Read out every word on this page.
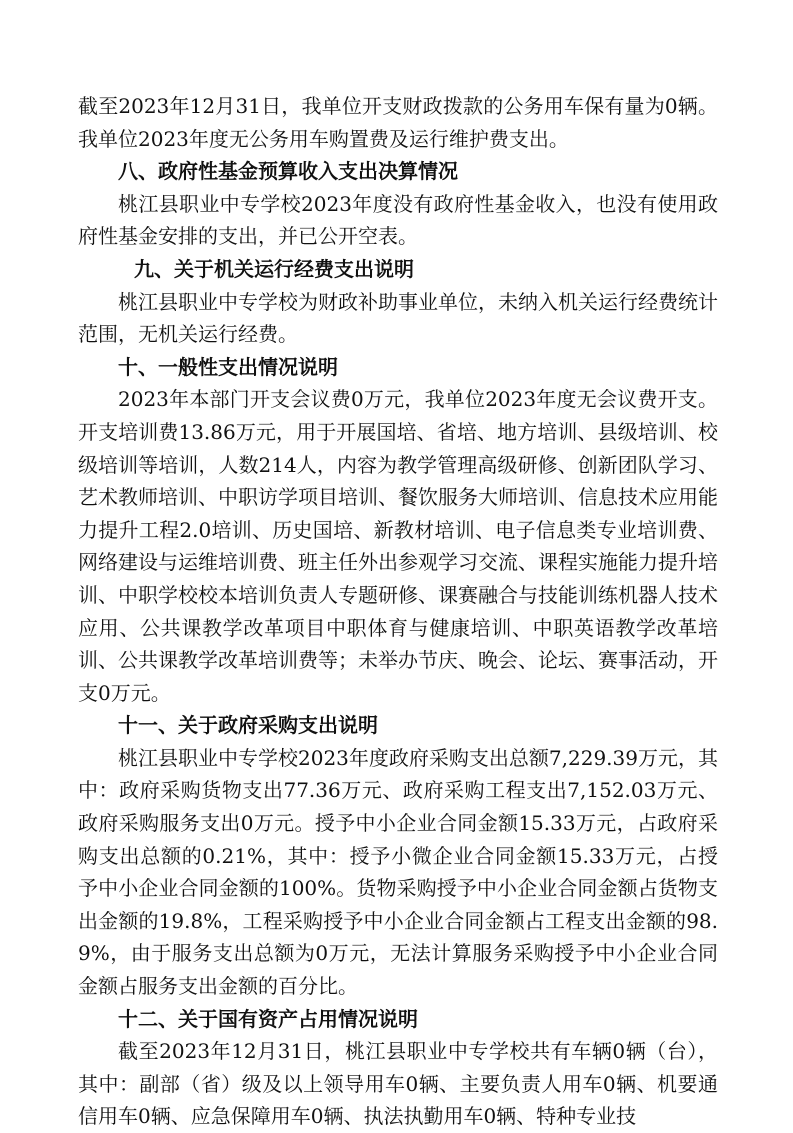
截至2023年12月31日，我单位开支财政拨款的公务用车保有量为0辆。我单位2023年度无公务用车购置费及运行维护费支出。

八、政府性基金预算收入支出决算情况

桃江县职业中专学校2023年度没有政府性基金收入，也没有使用政府性基金安排的支出，并已公开空表。

九、关于机关运行经费支出说明

桃江县职业中专学校为财政补助事业单位，未纳入机关运行经费统计范围，无机关运行经费。

十、一般性支出情况说明

2023年本部门开支会议费0万元，我单位2023年度无会议费开支。开支培训费13.86万元，用于开展国培、省培、地方培训、县级培训、校级培训等培训，人数214人，内容为教学管理高级研修、创新团队学习、艺术教师培训、中职访学项目培训、餐饮服务大师培训、信息技术应用能力提升工程2.0培训、历史国培、新教材培训、电子信息类专业培训费、网络建设与运维培训费、班主任外出参观学习交流、课程实施能力提升培训、中职学校校本培训负责人专题研修、课赛融合与技能训练机器人技术应用、公共课教学改革项目中职体育与健康培训、中职英语教学改革培训、公共课教学改革培训费等；未举办节庆、晚会、论坛、赛事活动，开支0万元。

十一、关于政府采购支出说明

桃江县职业中专学校2023年度政府采购支出总额7,229.39万元，其中：政府采购货物支出77.36万元、政府采购工程支出7,152.03万元、政府采购服务支出0万元。授予中小企业合同金额15.33万元，占政府采购支出总额的0.21%，其中：授予小微企业合同金额15.33万元，占授予中小企业合同金额的100%。货物采购授予中小企业合同金额占货物支出金额的19.8%，工程采购授予中小企业合同金额占工程支出金额的98.9%，由于服务支出总额为0万元，无法计算服务采购授予中小企业合同金额占服务支出金额的百分比。

十二、关于国有资产占用情况说明

截至2023年12月31日，桃江县职业中专学校共有车辆0辆（台），其中：副部（省）级及以上领导用车0辆、主要负责人用车0辆、机要通信用车0辆、应急保障用车0辆、执法执勤用车0辆、特种专业技
